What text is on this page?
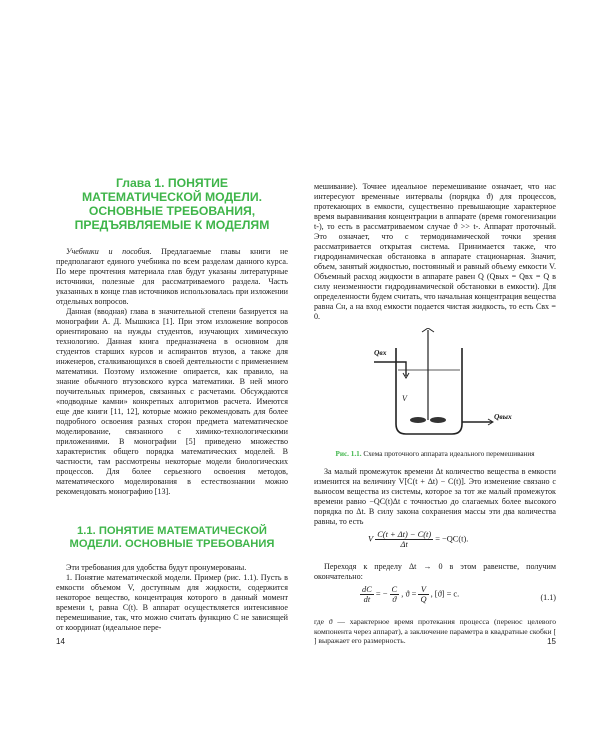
Глава 1. ПОНЯТИЕ МАТЕМАТИЧЕСКОЙ МОДЕЛИ. ОСНОВНЫЕ ТРЕБОВАНИЯ, ПРЕДЪЯВЛЯЕМЫЕ К МОДЕЛЯМ

Учебники и пособия. Предлагаемые главы книги не предполагают единого учебника по всем разделам данного курса. По мере прочтения материала глав будут указаны литературные источники, полезные для рассматриваемого раздела. Часть указанных в конце глав источников использовалась при изложении отдельных вопросов.

Данная (вводная) глава в значительной степени базируется на монографии А. Д. Мышкиса [1]. При этом изложение вопросов ориентировано на нужды студентов, изучающих химическую технологию. Данная книга предназначена в основном для студентов старших курсов и аспирантов втузов, а также для инженеров, сталкивающихся в своей деятельности с применением математики. Поэтому изложение опирается, как правило, на знание обычного втузовского курса математики. В ней много поучительных примеров, связанных с расчетами. Обсуждаются «подводные камни» конкретных алгоритмов расчета. Имеются еще две книги [11, 12], которые можно рекомендовать для более подробного освоения разных сторон предмета математическое моделирование, связанного с химико-технологическими приложениями. В монографии [5] приведено множество характеристик общего порядка математических моделей. В частности, там рассмотрены некоторые модели биологических процессов. Для более серьезного освоения методов, математического моделирования в естествознании можно рекомендовать монографию [13].

1.1. ПОНЯТИЕ МАТЕМАТИЧЕСКОЙ МОДЕЛИ. ОСНОВНЫЕ ТРЕБОВАНИЯ

Эти требования для удобства будут пронумерованы.

1. Понятие математической модели. Пример (рис. 1.1). Пусть в емкости объемом V, доступным для жидкости, содержится некоторое вещество, концентрация которого в данный момент времени t, равна C(t). В аппарат осуществляется интенсивное перемешивание, так, что можно считать функцию C не зависящей от координат (идеальное пере-

14

мешивание). Точнее идеальное перемешивание означает, что нас интересуют временные интервалы (порядка ϑ) для процессов, протекающих в емкости, существенно превышающие характерное время выравнивания концентрации в аппарате (время гомогенизации t‑), то есть в рассматриваемом случае ϑ >> t‑. Аппарат проточный. Это означает, что с термодинамической точки зрения рассматривается открытая система. Принимается также, что гидродинамическая обстановка в аппарате стационарная. Значит, объем, занятый жидкостью, постоянный и равный объему емкости V. Объемный расход жидкости в аппарате равен Q (Qвых = Qвх = Q в силу неизменности гидродинамической обстановки в емкости). Для определенности будем считать, что начальная концентрация вещества равна Cн, а на вход емкости подается чистая жидкость, то есть Cвх = 0.

Qвх
V
Qвых
Рис. 1.1. Схема проточного аппарата идеального перемешивания

За малый промежуток времени Δt количество вещества в емкости изменится на величину V[C(t + Δt) − C(t)]. Это изменение связано с выносом вещества из системы, которое за тот же малый промежуток времени равно −QC(t)Δt с точностью до слагаемых более высокого порядка по Δt. В силу закона сохранения массы эти два количества равны, то есть

V $\frac{C(t + \Delta t) - C(t)}{\Delta t} = -QC(t)$.

Переходя к пределу Δt → 0 в этом равенстве, получим окончательно:

$\frac{dC}{dt}$ = − $\frac{C}{ϑ}$ , $ϑ = \frac{V}{Q}$ , [ϑ] = c.	(1.1)

где ϑ — характерное время протекания процесса (перенос целевого компонента через аппарат), а заключение параметра в квадратные скобки [ ] выражает его размерность.	15
